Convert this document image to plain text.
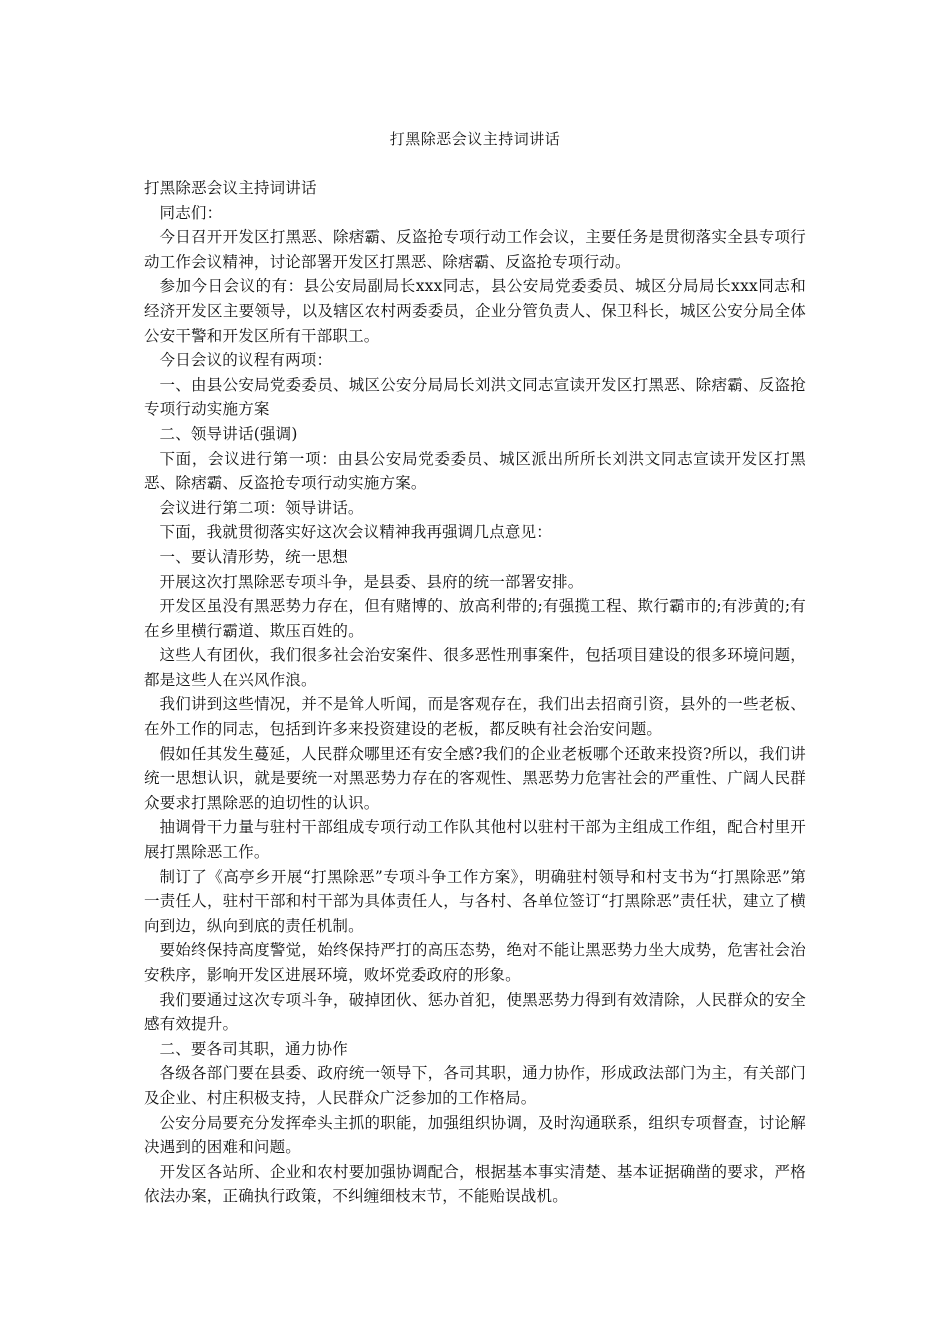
打黑除恶会议主持词讲话

打黑除恶会议主持词讲话

同志们：

今日召开开发区打黑恶、除痞霸、反盗抢专项行动工作会议，主要任务是贯彻落实全县专项行动工作会议精神，讨论部署开发区打黑恶、除痞霸、反盗抢专项行动。

参加今日会议的有：县公安局副局长xxx同志，县公安局党委委员、城区分局局长xxx同志和经济开发区主要领导，以及辖区农村两委委员，企业分管负责人、保卫科长，城区公安分局全体公安干警和开发区所有干部职工。

今日会议的议程有两项：

一、由县公安局党委委员、城区公安分局局长刘洪文同志宣读开发区打黑恶、除痞霸、反盗抢专项行动实施方案

二、领导讲话(强调)

下面，会议进行第一项：由县公安局党委委员、城区派出所所长刘洪文同志宣读开发区打黑恶、除痞霸、反盗抢专项行动实施方案。

会议进行第二项：领导讲话。

下面，我就贯彻落实好这次会议精神我再强调几点意见：

一、要认清形势，统一思想

开展这次打黑除恶专项斗争，是县委、县府的统一部署安排。

开发区虽没有黑恶势力存在，但有赌博的、放高利带的;有强揽工程、欺行霸市的;有涉黄的;有在乡里横行霸道、欺压百姓的。

这些人有团伙，我们很多社会治安案件、很多恶性刑事案件，包括项目建设的很多环境问题，都是这些人在兴风作浪。

我们讲到这些情况，并不是耸人听闻，而是客观存在，我们出去招商引资，县外的一些老板、在外工作的同志，包括到许多来投资建设的老板，都反映有社会治安问题。

假如任其发生蔓延，人民群众哪里还有安全感?我们的企业老板哪个还敢来投资?所以，我们讲统一思想认识，就是要统一对黑恶势力存在的客观性、黑恶势力危害社会的严重性、广阔人民群众要求打黑除恶的迫切性的认识。

抽调骨干力量与驻村干部组成专项行动工作队其他村以驻村干部为主组成工作组，配合村里开展打黑除恶工作。

制订了《高亭乡开展“打黑除恶”专项斗争工作方案》，明确驻村领导和村支书为“打黑除恶”第一责任人，驻村干部和村干部为具体责任人，与各村、各单位签订“打黑除恶”责任状，建立了横向到边，纵向到底的责任机制。

要始终保持高度警觉，始终保持严打的高压态势，绝对不能让黑恶势力坐大成势，危害社会治安秩序，影响开发区进展环境，败坏党委政府的形象。

我们要通过这次专项斗争，破掉团伙、惩办首犯，使黑恶势力得到有效清除，人民群众的安全感有效提升。

二、要各司其职，通力协作

各级各部门要在县委、政府统一领导下，各司其职，通力协作，形成政法部门为主，有关部门及企业、村庄积极支持，人民群众广泛参加的工作格局。

公安分局要充分发挥牵头主抓的职能，加强组织协调，及时沟通联系，组织专项督查，讨论解决遇到的困难和问题。

开发区各站所、企业和农村要加强协调配合，根据基本事实清楚、基本证据确凿的要求，严格依法办案，正确执行政策，不纠缠细枝末节，不能贻误战机。
